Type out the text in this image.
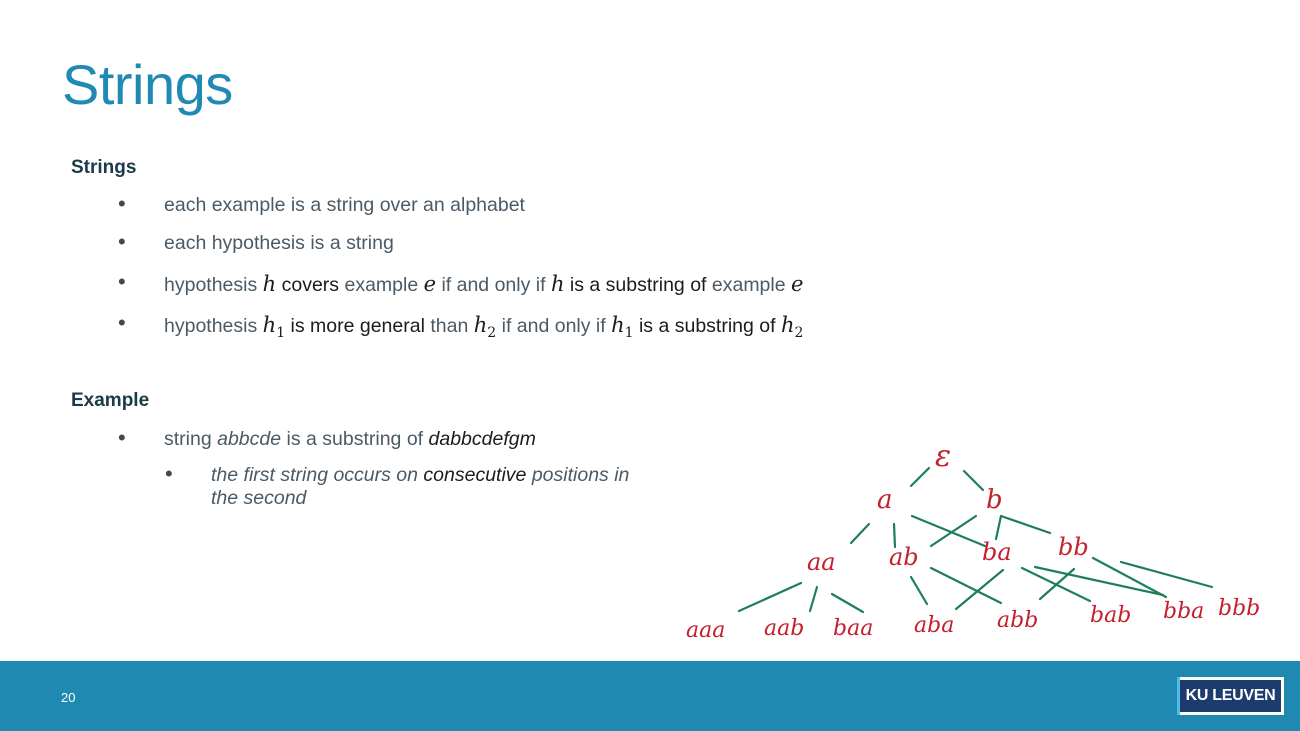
Strings
Strings
• each example is a string over an alphabet
• each hypothesis is a string
• hypothesis h covers example e if and only if h is a substring of example e
• hypothesis $h_1$ is more general than $h_2$ if and only if $h_1$ is a substring of $h_2$
Example
• string abbcde is a substring of dabbcdefgm
• the first string occurs on consecutive positions in the second
ε
a	b
aa ab	ba bb
aaa aab baa aba abb bab bba bbb
20	KU LEUVEN
